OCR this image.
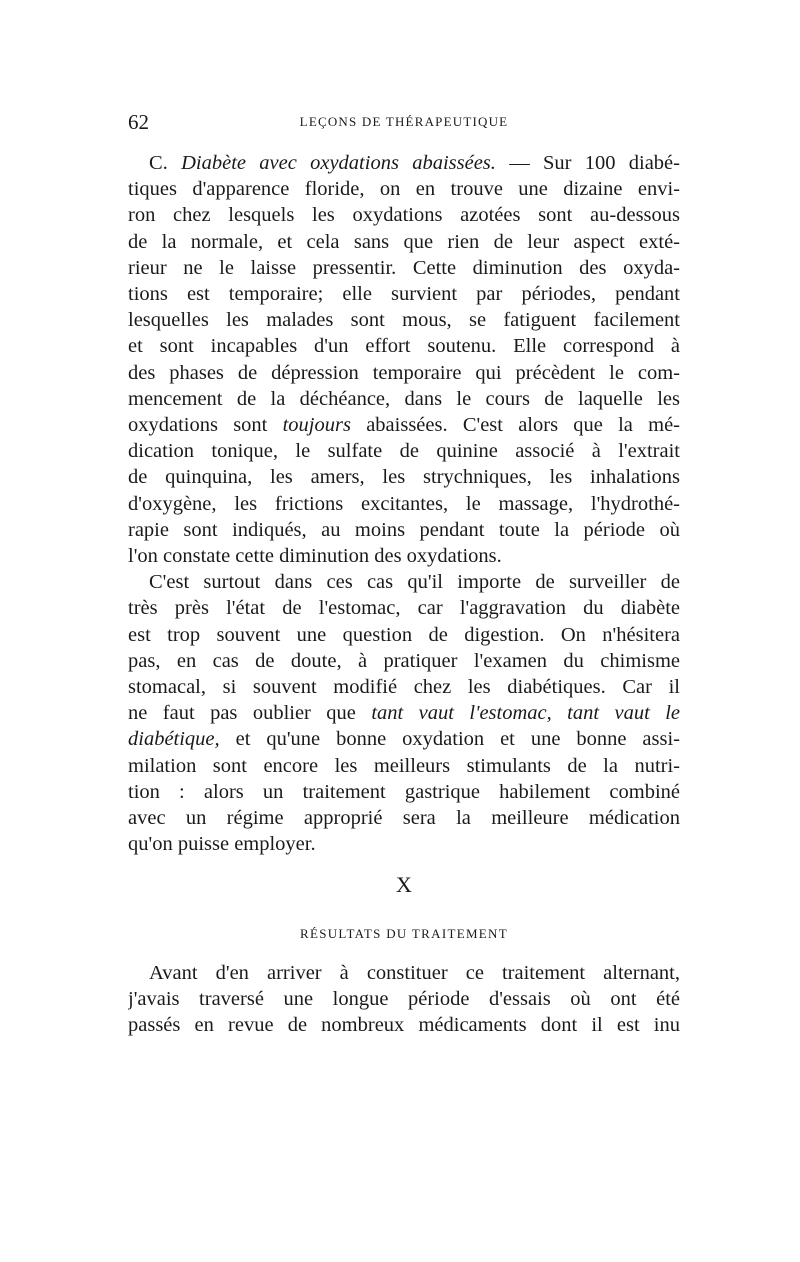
62	LEÇONS DE THÉRAPEUTIQUE
C. Diabète avec oxydations abaissées. — Sur 100 diabé-
tiques d'apparence floride, on en trouve une dizaine envi-
ron chez lesquels les oxydations azotées sont au-dessous
de la normale, et cela sans que rien de leur aspect exté-
rieur ne le laisse pressentir. Cette diminution des oxyda-
tions est temporaire; elle survient par périodes, pendant
lesquelles les malades sont mous, se fatiguent facilement
et sont incapables d'un effort soutenu. Elle correspond à
des phases de dépression temporaire qui précèdent le com-
mencement de la déchéance, dans le cours de laquelle les
oxydations sont toujours abaissées. C'est alors que la mé-
dication tonique, le sulfate de quinine associé à l'extrait
de quinquina, les amers, les strychniques, les inhalations
d'oxygène, les frictions excitantes, le massage, l'hydrothé-
rapie sont indiqués, au moins pendant toute la période où
l'on constate cette diminution des oxydations.
C'est surtout dans ces cas qu'il importe de surveiller de
très près l'état de l'estomac, car l'aggravation du diabète
est trop souvent une question de digestion. On n'hésitera
pas, en cas de doute, à pratiquer l'examen du chimisme
stomacal, si souvent modifié chez les diabétiques. Car il
ne faut pas oublier que tant vaut l'estomac, tant vaut le
diabétique, et qu'une bonne oxydation et une bonne assi-
milation sont encore les meilleurs stimulants de la nutri-
tion : alors un traitement gastrique habilement combiné
avec un régime approprié sera la meilleure médication
qu'on puisse employer.
X
RÉSULTATS DU TRAITEMENT
Avant d'en arriver à constituer ce traitement alternant,
j'avais traversé une longue période d'essais où ont été
passés en revue de nombreux médicaments dont il est inu
